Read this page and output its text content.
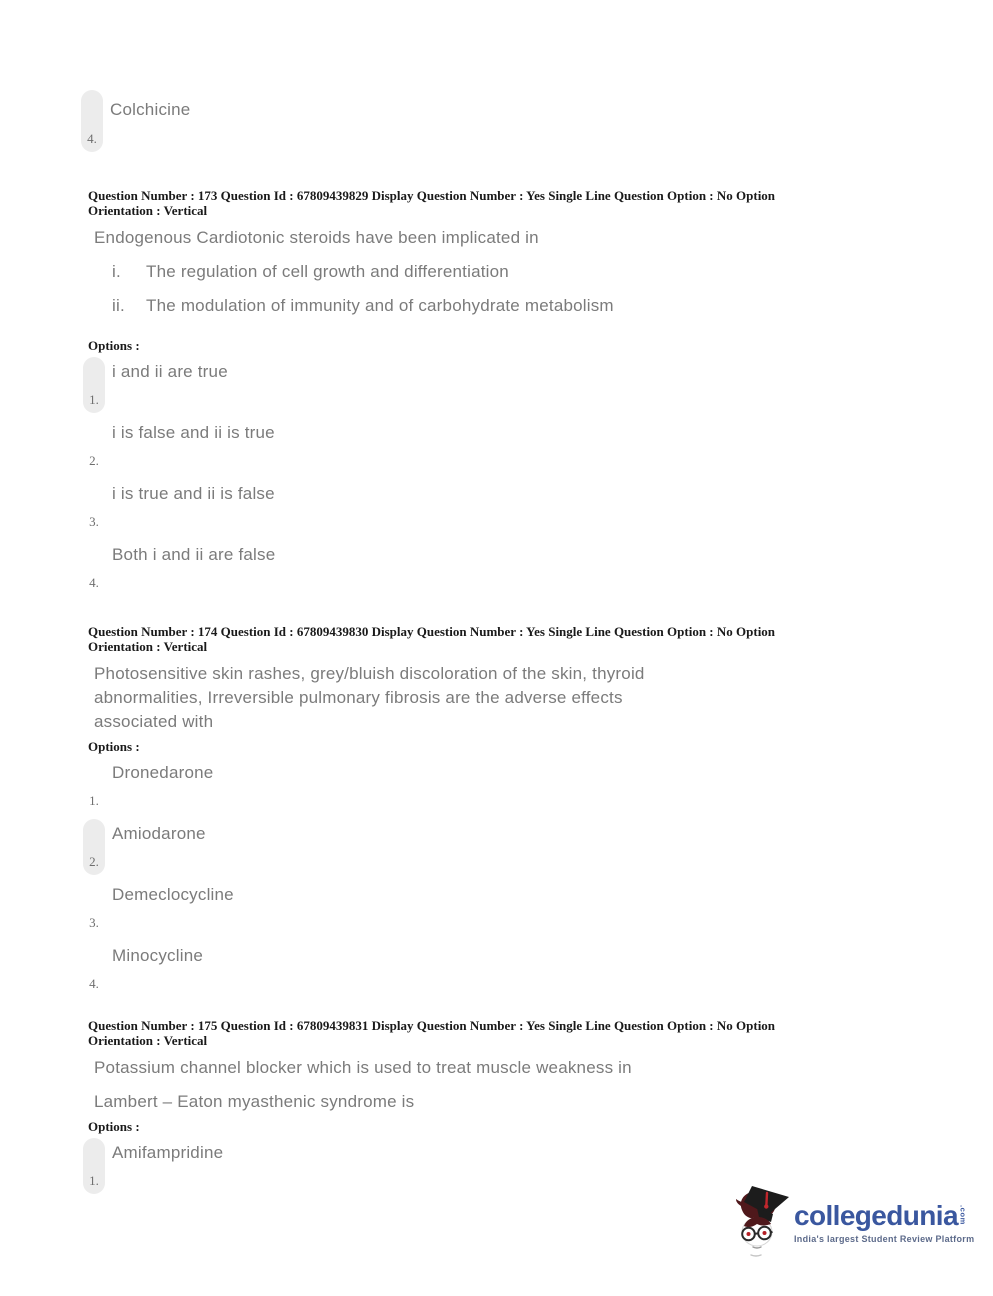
4.
Colchicine
Question Number : 173 Question Id : 67809439829 Display Question Number : Yes Single Line Question Option : No Option
Orientation : Vertical
Endogenous Cardiotonic steroids have been implicated in
i.	The regulation of cell growth and differentiation
ii.	The modulation of immunity and of carbohydrate metabolism
Options :
1.
i and ii are true
2.
i is false and ii is true
3.
i is true and ii is false
4.
Both i and ii are false
Question Number : 174 Question Id : 67809439830 Display Question Number : Yes Single Line Question Option : No Option
Orientation : Vertical
Photosensitive skin rashes, grey/bluish discoloration of the skin, thyroid
abnormalities, Irreversible pulmonary fibrosis are the adverse effects
associated with
Options :
1.
Dronedarone
2.
Amiodarone
3.
Demeclocycline
4.
Minocycline
Question Number : 175 Question Id : 67809439831 Display Question Number : Yes Single Line Question Option : No Option
Orientation : Vertical
Potassium channel blocker which is used to treat muscle weakness in
Lambert – Eaton myasthenic syndrome is
Options :
1.
Amifampridine
collegedunia .com
India's largest Student Review Platform
